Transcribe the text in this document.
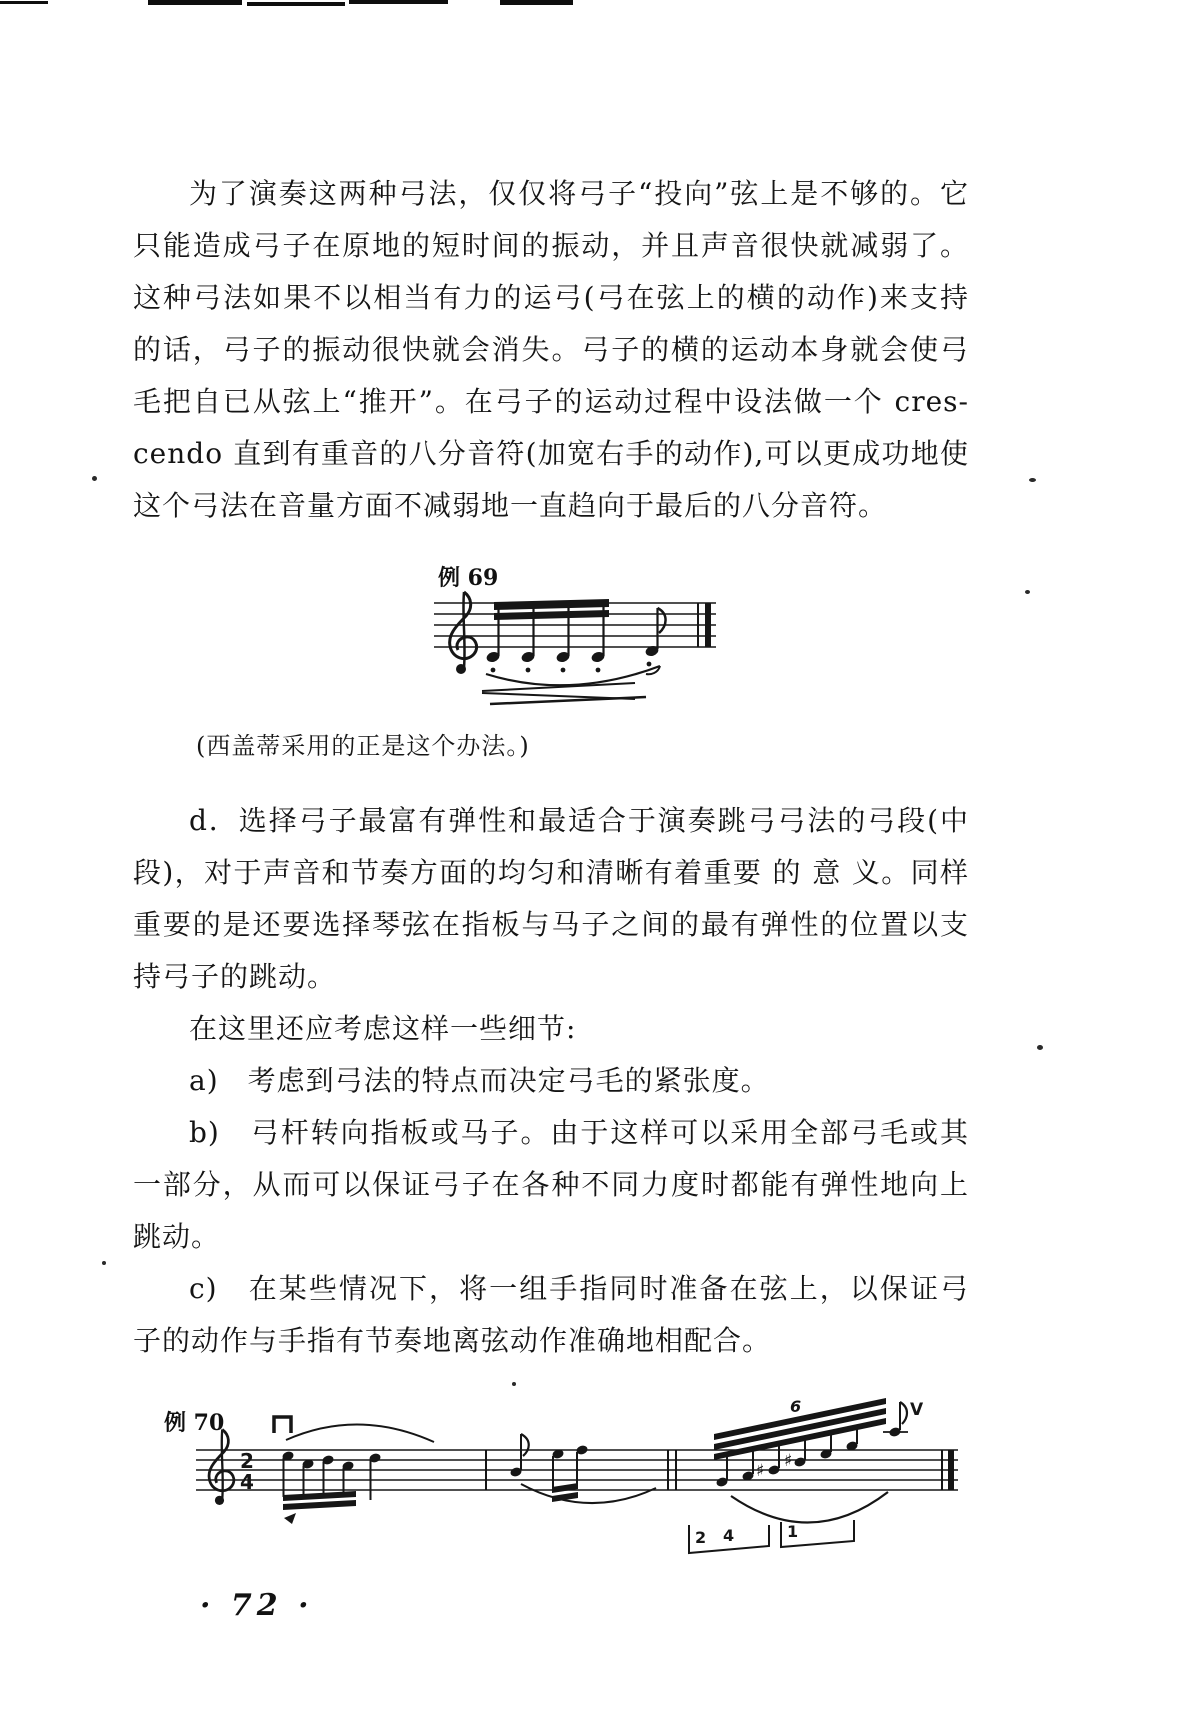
为了演奏这两种弓法，仅仅将弓子“投向”弦上是不够的。它
只能造成弓子在原地的短时间的振动，并且声音很快就减弱了。
这种弓法如果不以相当有力的运弓(弓在弦上的横的动作)来支持
的话，弓子的振动很快就会消失。弓子的横的运动本身就会使弓
毛把自已从弦上“推开”。在弓子的运动过程中设法做一个 cres-
cendo 直到有重音的八分音符(加宽右手的动作),可以更成功地使
这个弓法在音量方面不减弱地一直趋向于最后的八分音符。
例 69
(西盖蒂采用的正是这个办法。)
d．选择弓子最富有弹性和最适合于演奏跳弓弓法的弓段(中
段)，对于声音和节奏方面的均匀和清晰有着重要 的 意 义。同样
重要的是还要选择琴弦在指板与马子之间的最有弹性的位置以支
持弓子的跳动。
在这里还应考虑这样一些细节:
a)　考虑到弓法的特点而决定弓毛的紧张度。
b)　弓杆转向指板或马子。由于这样可以采用全部弓毛或其
一部分，从而可以保证弓子在各种不同力度时都能有弹性地向上
跳动。
c)　在某些情况下，将一组手指同时准备在弦上，以保证弓
子的动作与手指有节奏地离弦动作准确地相配合。
例 70
2
4	♯ ♯
6	V
2 4	1
· 72 ·
